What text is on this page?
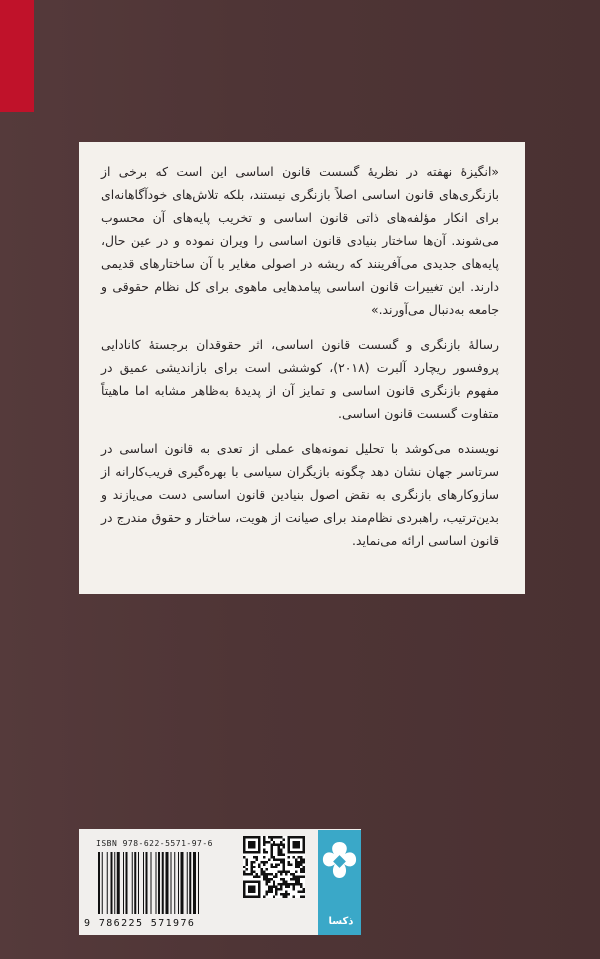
«انگیزهٔ نهفته در نظریهٔ گسست قانون اساسی این است که برخی از بازنگری‌های قانون اساسی اصلاً بازنگری نیستند، بلکه تلاش‌های خودآگاهانه‌ای برای انکار مؤلفه‌های ذاتی قانون اساسی و تخریب پایه‌های آن محسوب می‌شوند. آن‌ها ساختار بنیادی قانون اساسی را ویران نموده و در عین حال، پایه‌های جدیدی می‌آفرینند که ریشه در اصولی مغایر با آن ساختارهای قدیمی دارند. این تغییرات قانون اساسی پیامدهایی ماهوی برای کل نظام حقوقی و جامعه به‌دنبال می‌آورند.»

رسالهٔ بازنگری و گسست قانون اساسی، اثر حقوقدان برجستهٔ کانادایی پروفسور ریچارد آلبرت (۲۰۱۸)، کوششی است برای بازاندیشی عمیق در مفهوم بازنگری قانون اساسی و تمایز آن از پدیدهٔ به‌ظاهر مشابه اما ماهیتاً متفاوت گسست قانون اساسی.

نویسنده می‌کوشد با تحلیل نمونه‌های عملی از تعدی به قانون اساسی در سرتاسر جهان نشان دهد چگونه بازیگران سیاسی با بهره‌گیری فریب‌کارانه از سازوکارهای بازنگری به نقض اصول بنیادین قانون اساسی دست می‌یازند و بدین‌ترتیب، راهبردی نظام‌مند برای صیانت از هویت، ساختار و حقوق مندرج در قانون اساسی ارائه می‌نماید.

ISBN 978-622-5571-97-6
9 786225 571976	ذکسا
